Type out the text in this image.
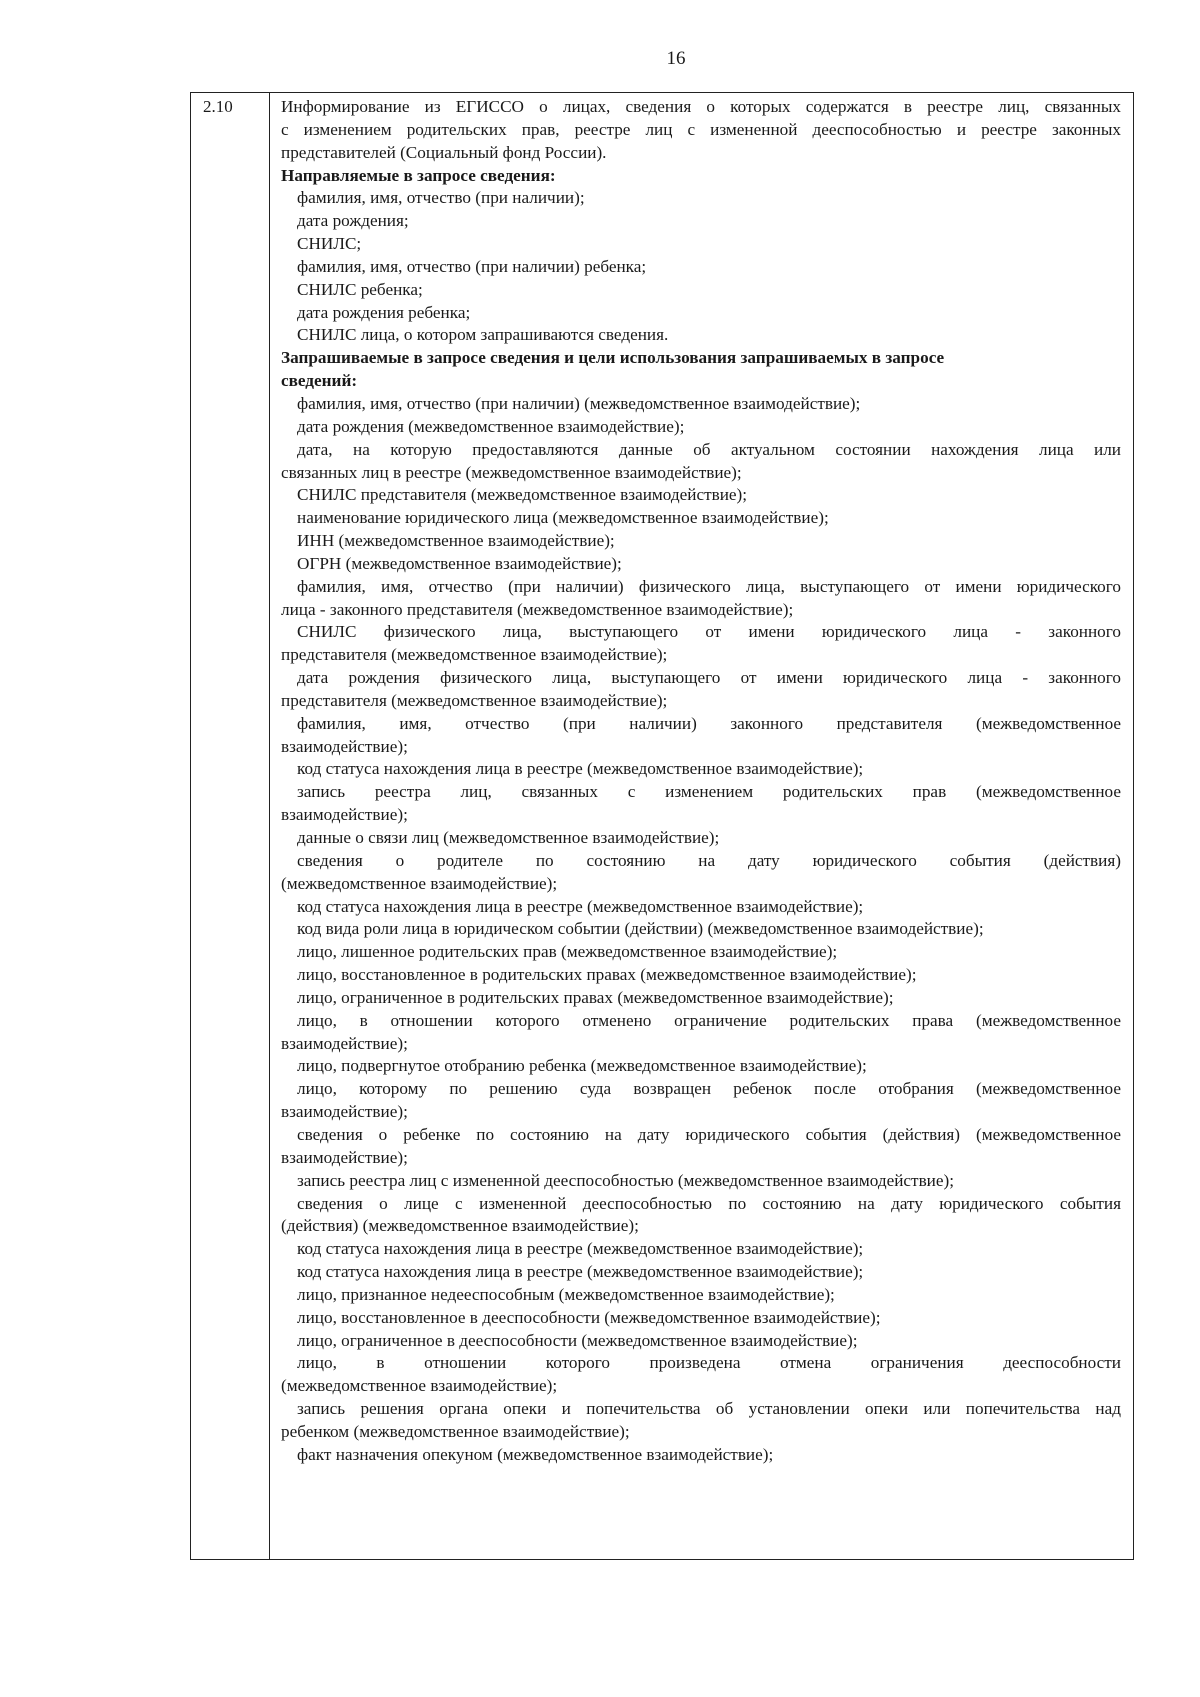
16
2.10	Информирование из ЕГИССО о лицах, сведения о которых содержатся в реестре лиц, связанных
с изменением родительских прав, реестре лиц с измененной дееспособностью и реестре законных
представителей (Социальный фонд России).
Направляемые в запросе сведения:
фамилия, имя, отчество (при наличии);
дата рождения;
СНИЛС;
фамилия, имя, отчество (при наличии) ребенка;
СНИЛС ребенка;
дата рождения ребенка;
СНИЛС лица, о котором запрашиваются сведения.
Запрашиваемые в запросе сведения и цели использования запрашиваемых в запросе
сведений:
фамилия, имя, отчество (при наличии) (межведомственное взаимодействие);
дата рождения (межведомственное взаимодействие);
дата, на которую предоставляются данные об актуальном состоянии нахождения лица или
связанных лиц в реестре (межведомственное взаимодействие);
СНИЛС представителя (межведомственное взаимодействие);
наименование юридического лица (межведомственное взаимодействие);
ИНН (межведомственное взаимодействие);
ОГРН (межведомственное взаимодействие);
фамилия, имя, отчество (при наличии) физического лица, выступающего от имени юридического
лица - законного представителя (межведомственное взаимодействие);
СНИЛС физического лица, выступающего от имени юридического лица - законного
представителя (межведомственное взаимодействие);
дата рождения физического лица, выступающего от имени юридического лица - законного
представителя (межведомственное взаимодействие);
фамилия, имя, отчество (при наличии) законного представителя (межведомственное
взаимодействие);
код статуса нахождения лица в реестре (межведомственное взаимодействие);
запись реестра лиц, связанных с изменением родительских прав (межведомственное
взаимодействие);
данные о связи лиц (межведомственное взаимодействие);
сведения о родителе по состоянию на дату юридического события (действия)
(межведомственное взаимодействие);
код статуса нахождения лица в реестре (межведомственное взаимодействие);
код вида роли лица в юридическом событии (действии) (межведомственное взаимодействие);
лицо, лишенное родительских прав (межведомственное взаимодействие);
лицо, восстановленное в родительских правах (межведомственное взаимодействие);
лицо, ограниченное в родительских правах (межведомственное взаимодействие);
лицо, в отношении которого отменено ограничение родительских права (межведомственное
взаимодействие);
лицо, подвергнутое отобранию ребенка (межведомственное взаимодействие);
лицо, которому по решению суда возвращен ребенок после отобрания (межведомственное
взаимодействие);
сведения о ребенке по состоянию на дату юридического события (действия) (межведомственное
взаимодействие);
запись реестра лиц с измененной дееспособностью (межведомственное взаимодействие);
сведения о лице с измененной дееспособностью по состоянию на дату юридического события
(действия) (межведомственное взаимодействие);
код статуса нахождения лица в реестре (межведомственное взаимодействие);
код статуса нахождения лица в реестре (межведомственное взаимодействие);
лицо, признанное недееспособным (межведомственное взаимодействие);
лицо, восстановленное в дееспособности (межведомственное взаимодействие);
лицо, ограниченное в дееспособности (межведомственное взаимодействие);
лицо, в отношении которого произведена отмена ограничения дееспособности
(межведомственное взаимодействие);
запись решения органа опеки и попечительства об установлении опеки или попечительства над
ребенком (межведомственное взаимодействие);
факт назначения опекуном (межведомственное взаимодействие);
